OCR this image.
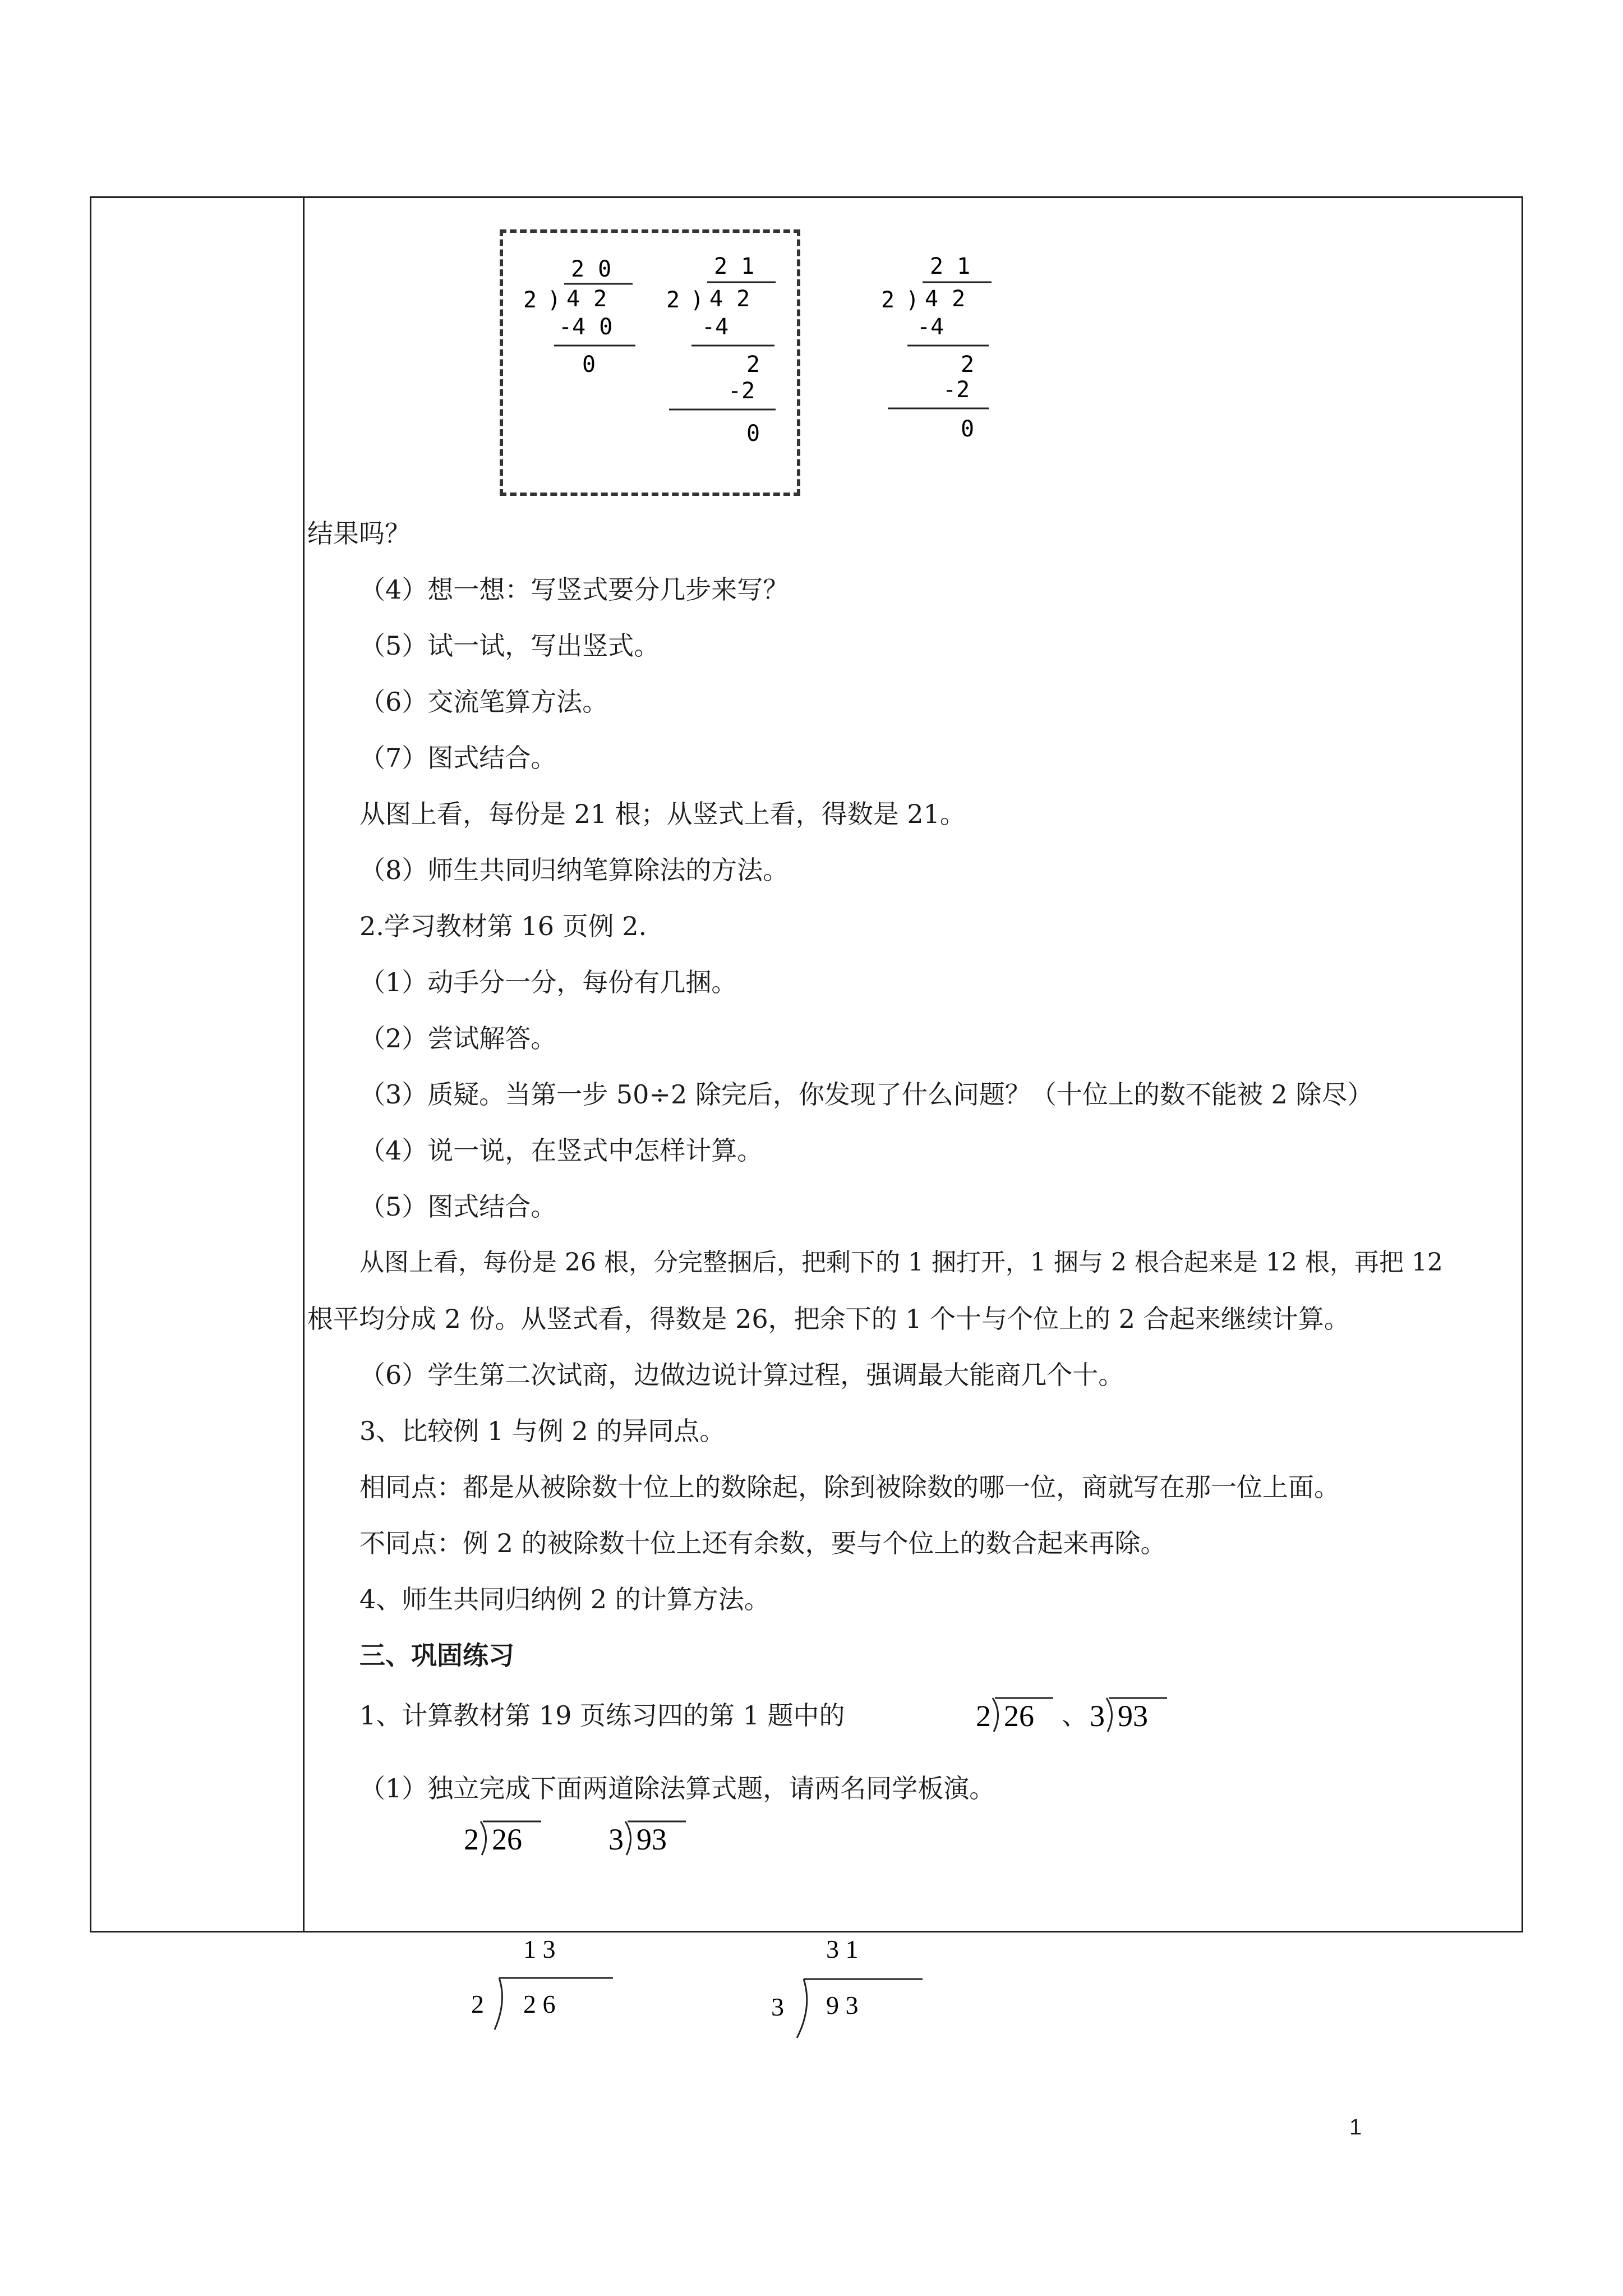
2 0
2 ) 4 2
-4 0
0
2 1
2 ) 4 2
-4
2
-2
0
2 1
2 ) 4 2
-4
2
-2
0
结果吗？
（4）想一想：写竖式要分几步来写？
（5）试一试，写出竖式。
（6）交流笔算方法。
（7）图式结合。
从图上看，每份是 21 根；从竖式上看，得数是 21。
（8）师生共同归纳笔算除法的方法。
2.学习教材第 16 页例 2.
（1）动手分一分，每份有几捆。
（2）尝试解答。
（3）质疑。当第一步 50÷2 除完后，你发现了什么问题？（十位上的数不能被 2 除尽）
（4）说一说，在竖式中怎样计算。
（5）图式结合。
从图上看，每份是 26 根，分完整捆后，把剩下的 1 捆打开，1 捆与 2 根合起来是 12 根，再把 12
根平均分成 2 份。从竖式看，得数是 26，把余下的 1 个十与个位上的 2 合起来继续计算。
（6）学生第二次试商，边做边说计算过程，强调最大能商几个十。
3、比较例 1 与例 2 的异同点。
相同点：都是从被除数十位上的数除起，除到被除数的哪一位，商就写在那一位上面。
不同点：例 2 的被除数十位上还有余数，要与个位上的数合起来再除。
4、师生共同归纳例 2 的计算方法。
三、巩固练习
1、计算教材第 19 页练习四的第 1 题中的	2 26 、 3 93
（1）独立完成下面两道除法算式题，请两名同学板演。
2 26	3 93
1 3
2 2 6
3 1
3 9 3
1
